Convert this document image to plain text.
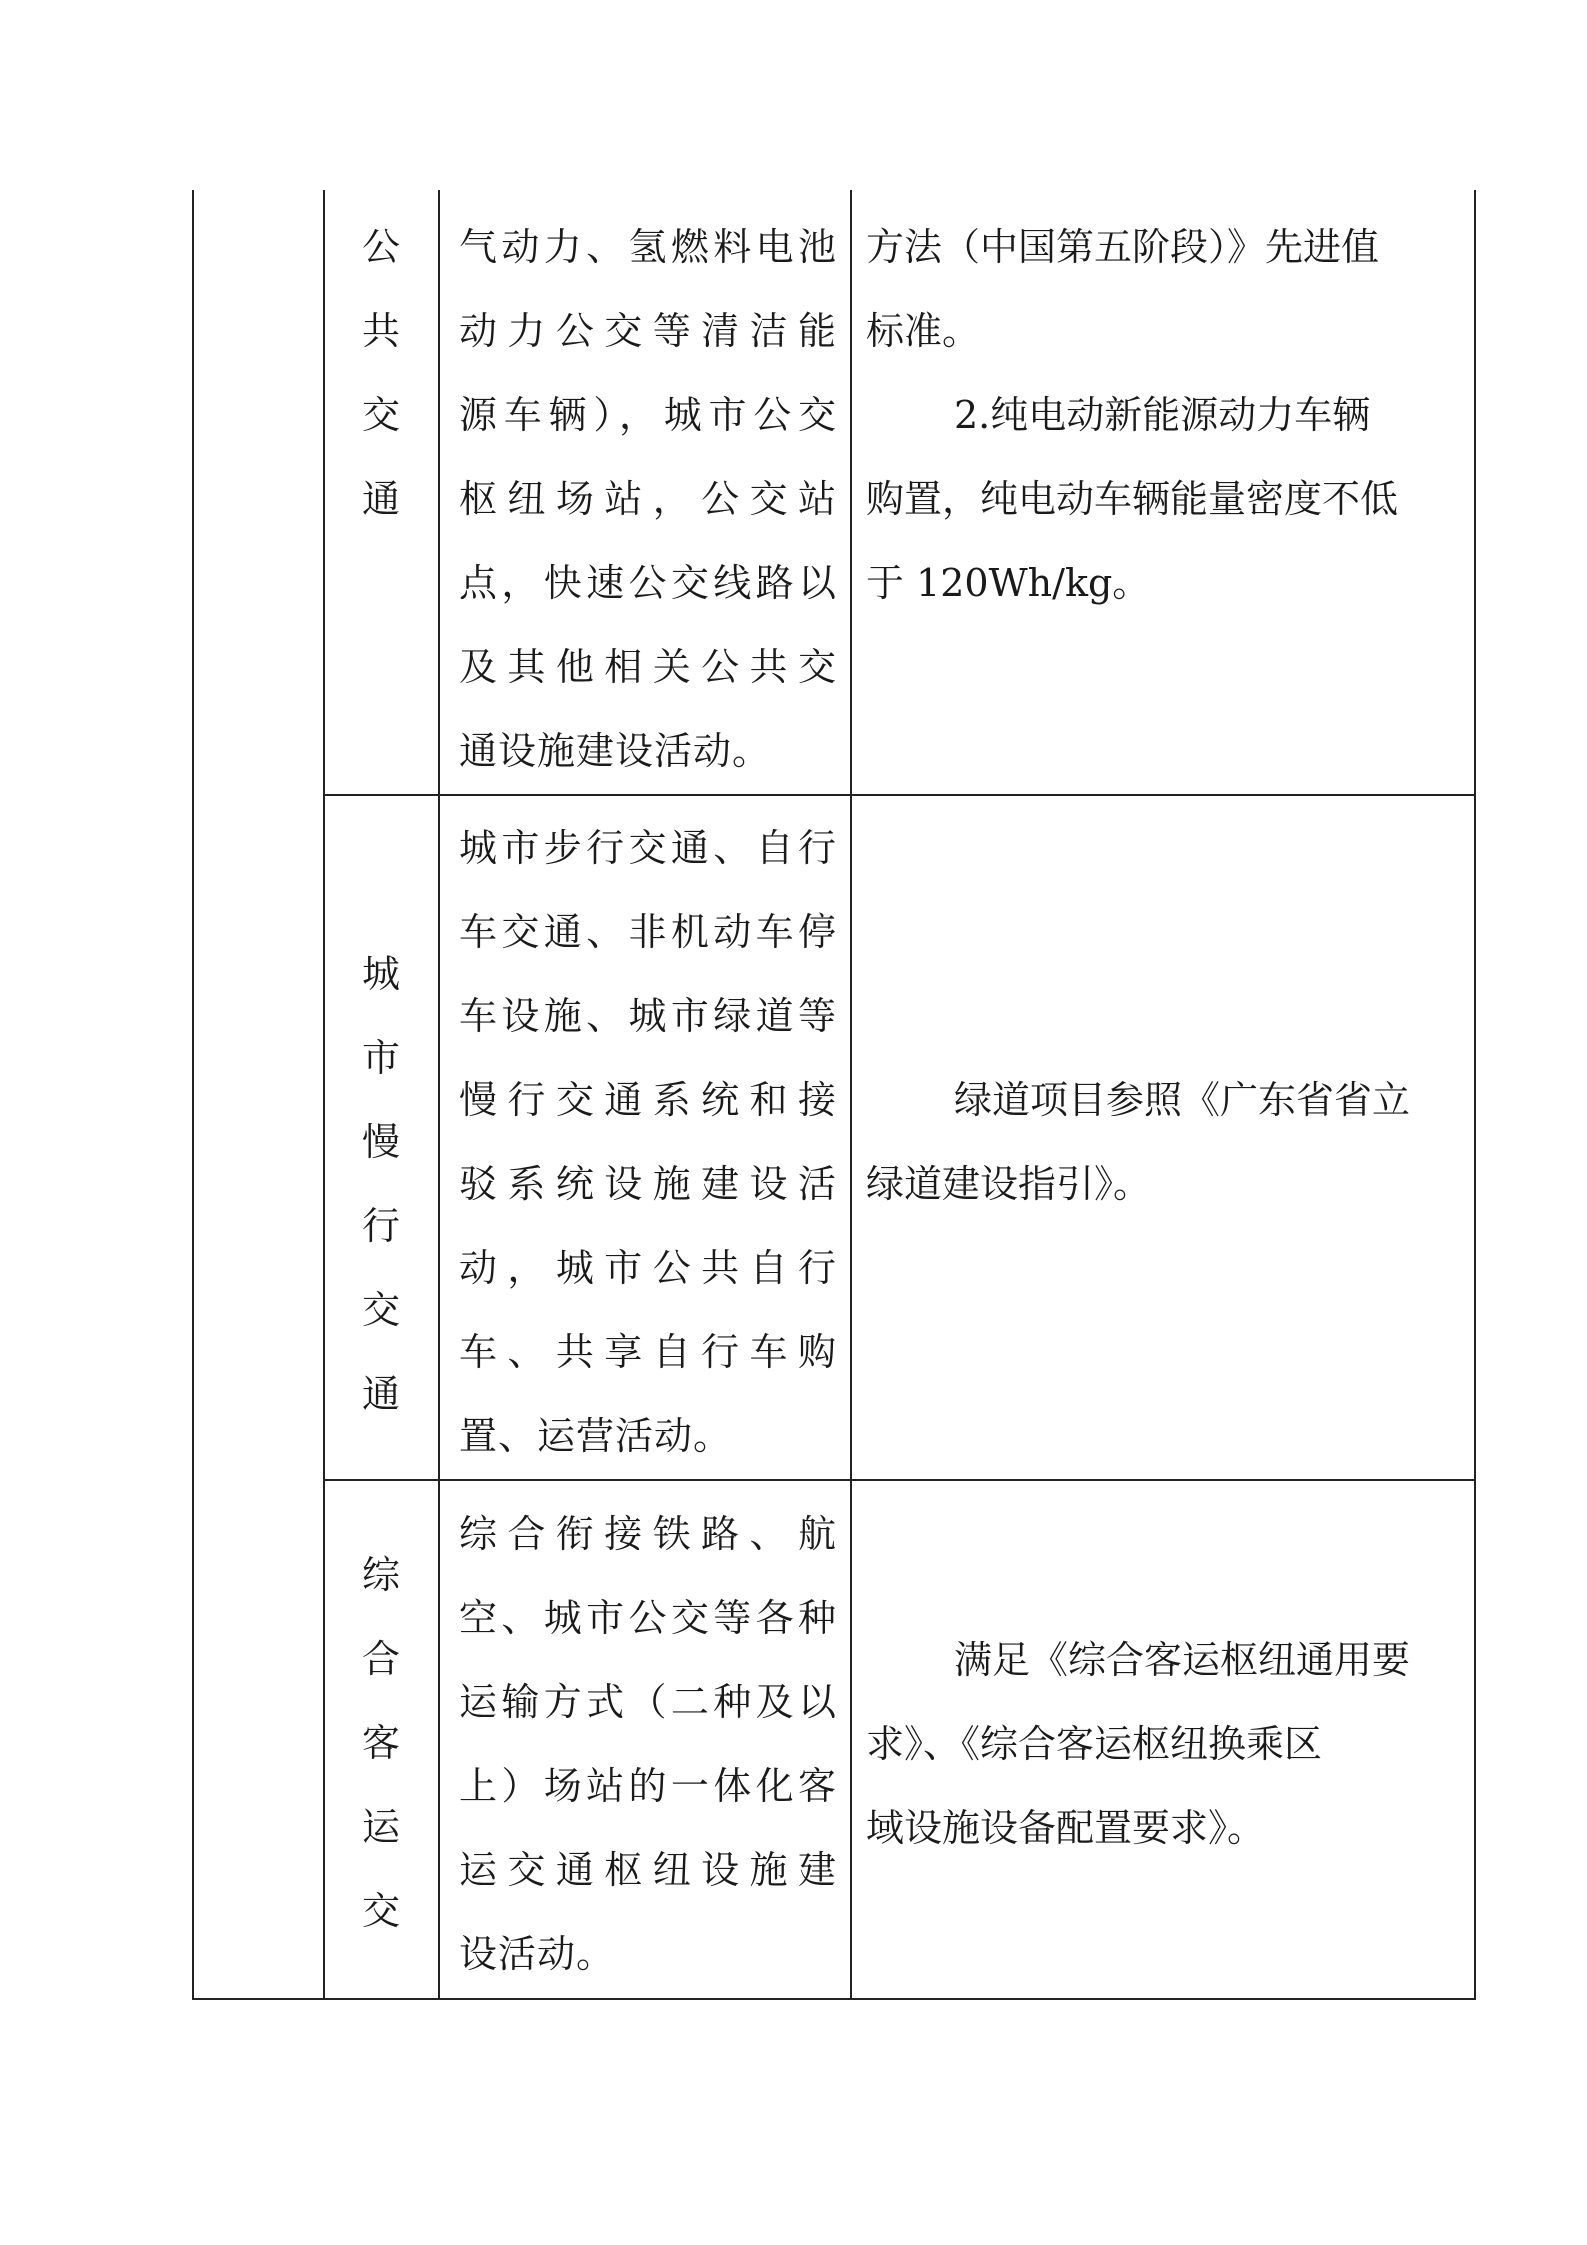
公
共
交
通
气动力、氢燃料电池
动力公交等清洁能
源车辆），城市公交
枢纽场站，公交站
点，快速公交线路以
及其他相关公共交
通设施建设活动。
方法（中国第五阶段）》先进值
标准。
2.纯电动新能源动力车辆
购置，纯电动车辆能量密度不低
于 120Wh/kg。
城
市
慢
行
交
通
城市步行交通、自行
车交通、非机动车停
车设施、城市绿道等
慢行交通系统和接
驳系统设施建设活
动，城市公共自行
车、共享自行车购
置、运营活动。
绿道项目参照《广东省省立
绿道建设指引》。
综
合
客
运
交
综合衔接铁路、航
空、城市公交等各种
运输方式（二种及以
上）场站的一体化客
运交通枢纽设施建
设活动。
满足《综合客运枢纽通用要
求》、《综合客运枢纽换乘区
域设施设备配置要求》。
